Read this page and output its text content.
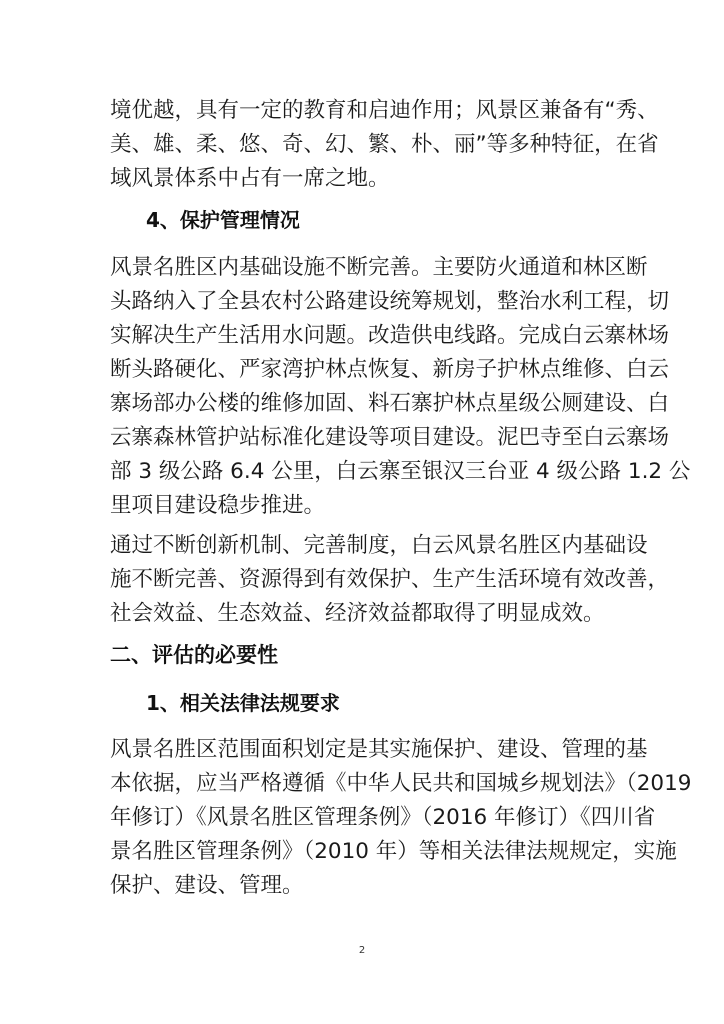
境优越，具有一定的教育和启迪作用；风景区兼备有“秀、
美、雄、柔、悠、奇、幻、繁、朴、丽”等多种特征，在省
域风景体系中占有一席之地。
4、保护管理情况
风景名胜区内基础设施不断完善。主要防火通道和林区断
头路纳入了全县农村公路建设统筹规划，整治水利工程，切
实解决生产生活用水问题。改造供电线路。完成白云寨林场
断头路硬化、严家湾护林点恢复、新房子护林点维修、白云
寨场部办公楼的维修加固、料石寨护林点星级公厕建设、白
云寨森林管护站标准化建设等项目建设。泥巴寺至白云寨场
部 3 级公路 6.4 公里，白云寨至银汉三台亚 4 级公路 1.2 公
里项目建设稳步推进。
通过不断创新机制、完善制度，白云风景名胜区内基础设
施不断完善、资源得到有效保护、生产生活环境有效改善，
社会效益、生态效益、经济效益都取得了明显成效。
二、评估的必要性
1、相关法律法规要求
风景名胜区范围面积划定是其实施保护、建设、管理的基
本依据，应当严格遵循《中华人民共和国城乡规划法》（2019
年修订）《风景名胜区管理条例》（2016 年修订）《四川省
景名胜区管理条例》（2010 年）等相关法律法规规定，实施
保护、建设、管理。
2
